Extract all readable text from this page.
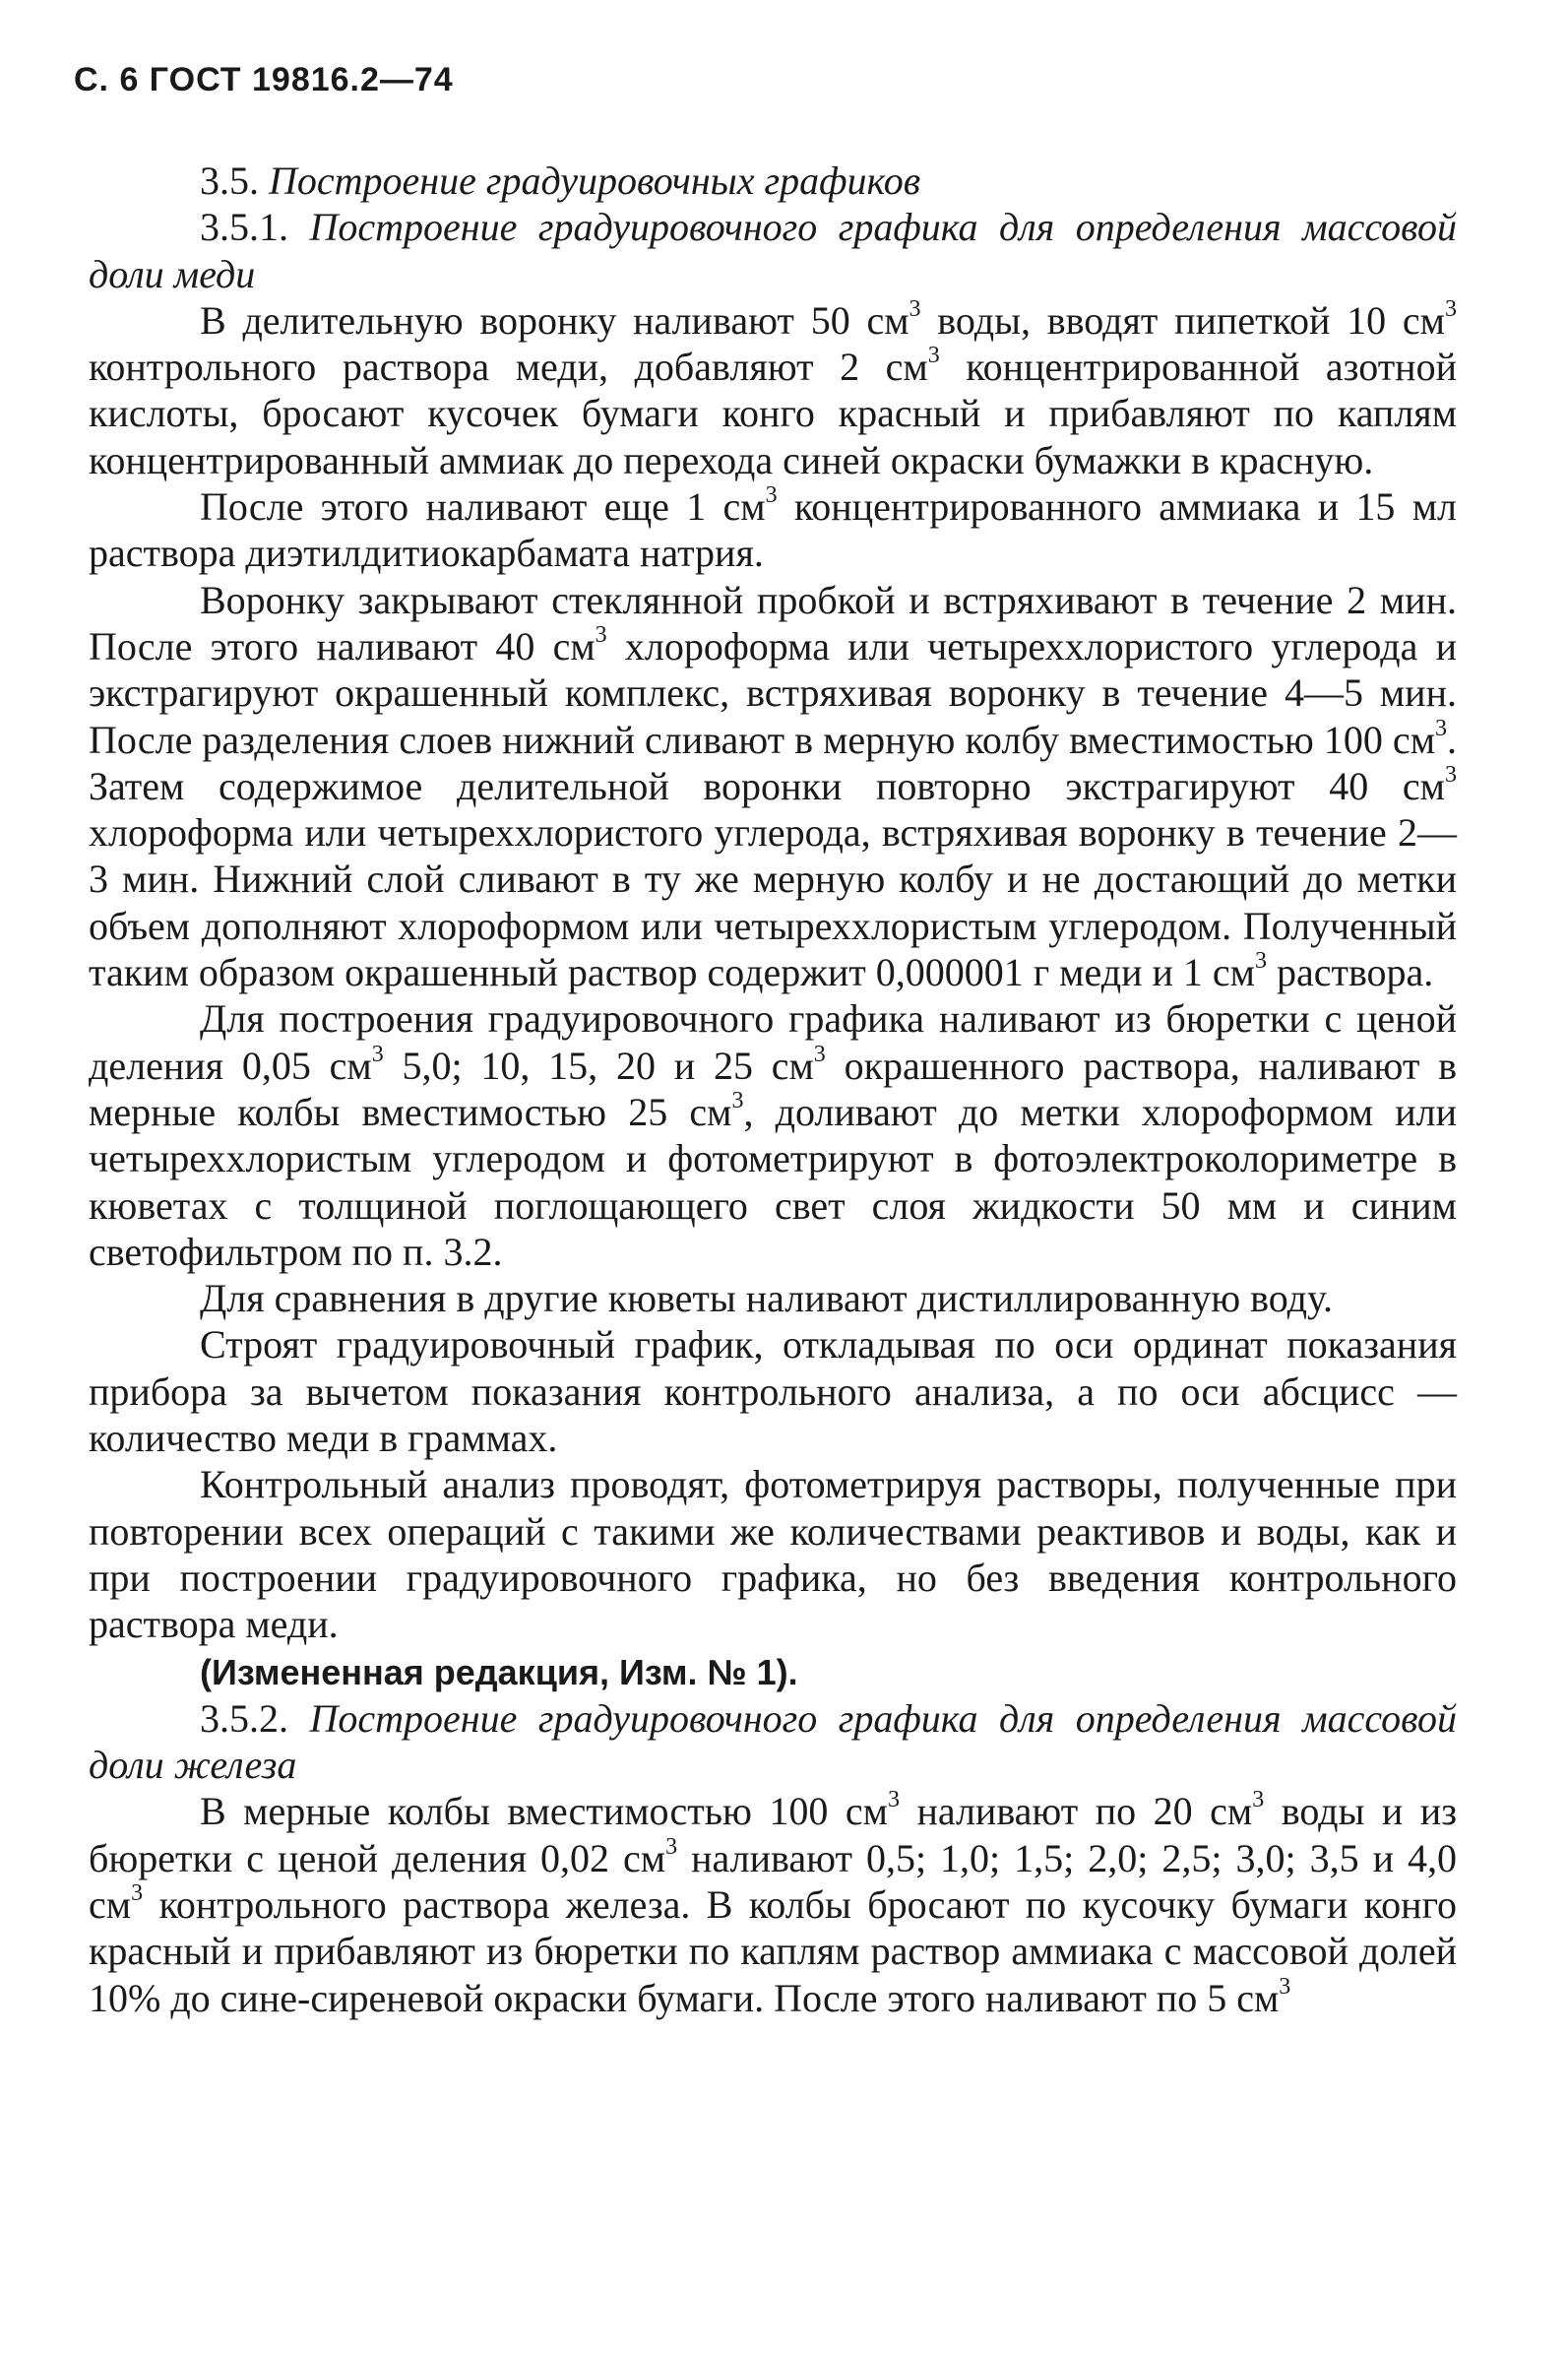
С. 6 ГОСТ 19816.2—74

3.5. Построение градуировочных графиков

3.5.1. Построение градуировочного графика для определения массовой доли меди

В делительную воронку наливают 50 $см^3$ воды, вводят пипеткой 10 $см^3$ контрольного раствора меди, добавляют 2 $см^3$ концентрированной азотной кислоты, бросают кусочек бумаги конго красный и прибавляют по каплям концентрированный аммиак до перехода синей окраски бумажки в красную.

После этого наливают еще 1 $см^3$ концентрированного аммиака и 15 мл раствора диэтилдитиокарбамата натрия.

Воронку закрывают стеклянной пробкой и встряхивают в течение 2 мин. После этого наливают 40 $см^3$ хлороформа или четыреххлористого углерода и экстрагируют окрашенный комплекс, встряхивая воронку в течение 4—5 мин. После разделения слоев нижний сливают в мерную колбу вместимостью 100 $см^3$. Затем содержимое делительной воронки повторно экстрагируют 40 $см^3$ хлороформа или четыреххлористого углерода, встряхивая воронку в течение 2—3 мин. Нижний слой сливают в ту же мерную колбу и не достающий до метки объем дополняют хлороформом или четыреххлористым углеродом. Полученный таким образом окрашенный раствор содержит 0,000001 г меди и 1 $см^3$ раствора.

Для построения градуировочного графика наливают из бюретки с ценой деления 0,05 $см^3$ 5,0; 10, 15, 20 и 25 $см^3$ окрашенного раствора, наливают в мерные колбы вместимостью 25 $см^3$, доливают до метки хлороформом или четыреххлористым углеродом и фотометрируют в фотоэлектроколориметре в кюветах с толщиной поглощающего свет слоя жидкости 50 мм и синим светофильтром по п. 3.2.

Для сравнения в другие кюветы наливают дистиллированную воду.

Строят градуировочный график, откладывая по оси ординат показания прибора за вычетом показания контрольного анализа, а по оси абсцисс — количество меди в граммах.

Контрольный анализ проводят, фотометрируя растворы, полученные при повторении всех операций с такими же количествами реактивов и воды, как и при построении градуировочного графика, но без введения контрольного раствора меди.

(Измененная редакция, Изм. № 1).

3.5.2. Построение градуировочного графика для определения массовой доли железа

В мерные колбы вместимостью 100 $см^3$ наливают по 20 $см^3$ воды и из бюретки с ценой деления 0,02 $см^3$ наливают 0,5; 1,0; 1,5; 2,0; 2,5; 3,0; 3,5 и 4,0 $см^3$ контрольного раствора железа. В колбы бросают по кусочку бумаги конго красный и прибавляют из бюретки по каплям раствор аммиака с массовой долей 10% до сине-сиреневой окраски бумаги. После этого наливают по 5 $см^3$
